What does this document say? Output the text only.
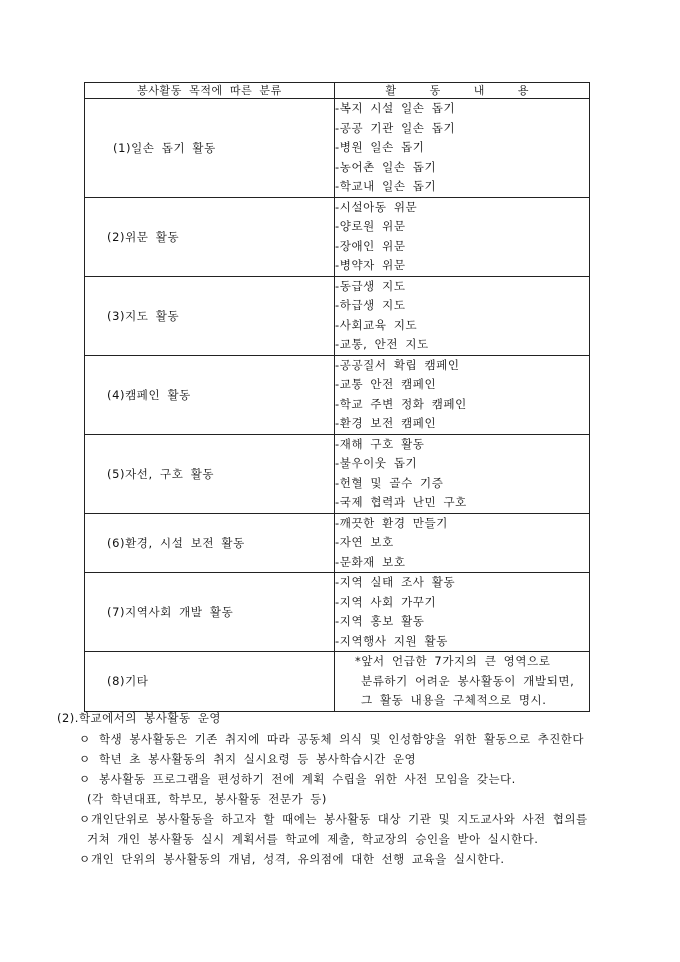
봉사활동 목적에 따른 분류	활 동 내 용
(1)일손 돕기 활동	-복지 시설 일손 돕기
-공공 기관 일손 돕기
-병원 일손 돕기
-농어촌 일손 돕기
-학교내 일손 돕기

(2)위문 활동	-시설아동 위문
-양로원 위문
-장애인 위문
-병약자 위문

(3)지도 활동	-동급생 지도
-하급생 지도
-사회교육 지도
-교통, 안전 지도

(4)캠페인 활동	-공공질서 확립 캠페인
-교통 안전 캠페인
-학교 주변 정화 캠페인
-환경 보전 캠페인

(5)자선, 구호 활동	-재해 구호 활동
-불우이웃 돕기
-헌혈 및 골수 기증
-국제 협력과 난민 구호

(6)환경, 시설 보전 활동	-깨끗한 환경 만들기
-자연 보호
-문화재 보호

(7)지역사회 개발 활동	-지역 실태 조사 활동
-지역 사회 가꾸기
-지역 홍보 활동
-지역행사 지원 활동

(8)기타	*앞서 언급한 7가지의 큰 영역으로
분류하기 어려운 봉사활동이 개발되면,
그 활동 내용을 구체적으로 명시.
(2).학교에서의 봉사활동 운영
ㅇ 학생 봉사활동은 기존 취지에 따라 공동체 의식 및 인성함양을 위한 활동으로 추진한다
ㅇ 학년 초 봉사활동의 취지 실시요령 등 봉사학습시간 운영
ㅇ 봉사활동 프로그램을 편성하기 전에 계획 수립을 위한 사전 모임을 갖는다.
(각 학년대표, 학부모, 봉사활동 전문가 등)
ㅇ 개인단위로 봉사활동을 하고자 할 때에는 봉사활동 대상 기관 및 지도교사와 사전 협의를
거쳐 개인 봉사활동 실시 계획서를 학교에 제출, 학교장의 승인을 받아 실시한다.
ㅇ 개인 단위의 봉사활동의 개념, 성격, 유의점에 대한 선행 교육을 실시한다.
